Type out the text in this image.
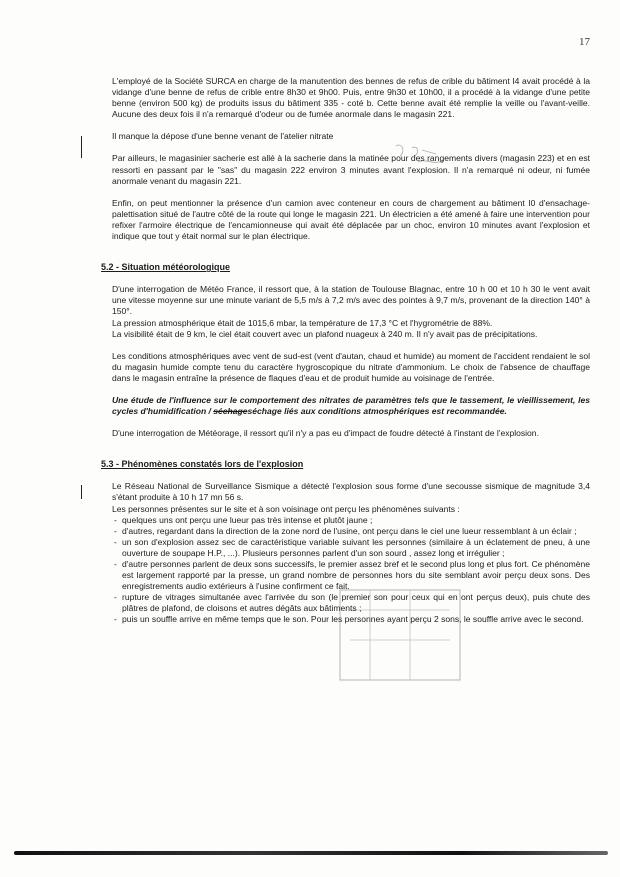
17

L'employé de la Société SURCA en charge de la manutention des bennes de refus de crible du bâtiment I4 avait procédé à la vidange d'une benne de refus de crible entre 8h30 et 9h00. Puis, entre 9h30 et 10h00, il a procédé à la vidange d'une petite benne (environ 500 kg) de produits issus du bâtiment 335 - coté b. Cette benne avait été remplie la veille ou l'avant-veille. Aucune des deux fois il n'a remarqué d'odeur ou de fumée anormale dans le magasin 221.

Il manque la dépose d'une benne venant de l'atelier nitrate

Par ailleurs, le magasinier sacherie est allé à la sacherie dans la matinée pour des rangements divers (magasin 223) et en est ressorti en passant par le "sas" du magasin 222 environ 3 minutes avant l'explosion. Il n'a remarqué ni odeur, ni fumée anormale venant du magasin 221.

Enfin, on peut mentionner la présence d'un camion avec conteneur en cours de chargement au bâtiment I0 d'ensachage-palettisation situé de l'autre côté de la route qui longe le magasin 221. Un électricien a été amené à faire une intervention pour refixer l'armoire électrique de l'encamionneuse qui avait été déplacée par un choc, environ 10 minutes avant l'explosion et indique que tout y était normal sur le plan électrique.

5.2 - Situation météorologique

D'une interrogation de Météo France, il ressort que, à la station de Toulouse Blagnac, entre 10 h 00 et 10 h 30 le vent avait une vitesse moyenne sur une minute variant de 5,5 m/s à 7,2 m/s avec des pointes à 9,7 m/s, provenant de la direction 140° à 150°.

La pression atmosphérique était de 1015,6 mbar, la température de 17,3 °C et l'hygrométrie de 88%.

La visibilité était de 9 km, le ciel était couvert avec un plafond nuageux à 240 m. Il n'y avait pas de précipitations.

Les conditions atmosphériques avec vent de sud-est (vent d'autan, chaud et humide) au moment de l'accident rendaient le sol du magasin humide compte tenu du caractère hygroscopique du nitrate d'ammonium. Le choix de l'absence de chauffage dans le magasin entraîne la présence de flaques d'eau et de produit humide au voisinage de l'entrée.

Une étude de l'influence sur le comportement des nitrates de paramètres tels que le tassement, le vieillissement, les cycles d'humidification / séchageséchage liés aux conditions atmosphériques est recommandée.

D'une interrogation de Météorage, il ressort qu'il n'y a pas eu d'impact de foudre détecté à l'instant de l'explosion.

5.3 - Phénomènes constatés lors de l'explosion

Le Réseau National de Surveillance Sismique a détecté l'explosion sous forme d'une secousse sismique de magnitude 3,4 s'étant produite à 10 h 17 mn 56 s.

Les personnes présentes sur le site et à son voisinage ont perçu les phénomènes suivants :

- quelques uns ont perçu une lueur pas très intense et plutôt jaune ;
- d'autres, regardant dans la direction de la zone nord de l'usine, ont perçu dans le ciel une lueur ressemblant à un éclair ;
- un son d'explosion assez sec de caractéristique variable suivant les personnes (similaire à un éclatement de pneu, à une ouverture de soupape H.P., ...). Plusieurs personnes parlent d'un son sourd , assez long et irrégulier ;
- d'autre personnes parlent de deux sons successifs, le premier assez bref et le second plus long et plus fort. Ce phénomène est largement rapporté par la presse, un grand nombre de personnes hors du site semblant avoir perçu deux sons. Des enregistrements audio extérieurs à l'usine confirment ce fait.
- rupture de vitrages simultanée avec l'arrivée du son (le premier son pour ceux qui en ont perçus deux), puis chute des plâtres de plafond, de cloisons et autres dégâts aux bâtiments ;
- puis un souffle arrive en même temps que le son. Pour les personnes ayant perçu 2 sons, le souffle arrive avec le second.
